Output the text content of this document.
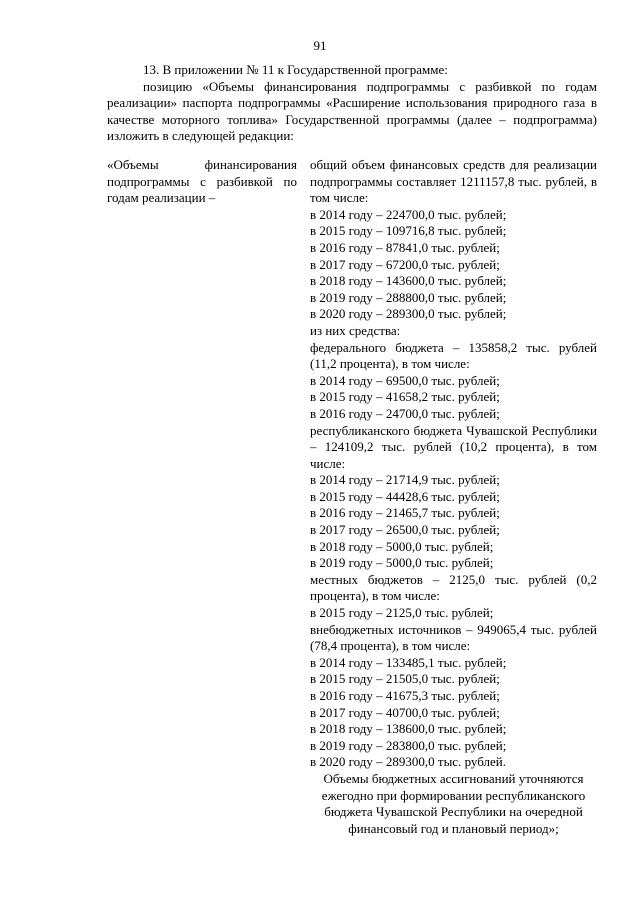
91

13. В приложении № 11 к Государственной программе:

позицию «Объемы финансирования подпрограммы с разбивкой по годам реализации» паспорта подпрограммы «Расширение использования природного газа в качестве моторного топлива» Государственной программы (далее – подпрограмма) изложить в следующей редакции:

«Объемы финансирования подпрограммы с разбивкой по годам реализации –
общий объем финансовых средств для реализации подпрограммы составляет 1211157,8 тыс. рублей, в том числе:
в 2014 году – 224700,0 тыс. рублей;
в 2015 году – 109716,8 тыс. рублей;
в 2016 году – 87841,0 тыс. рублей;
в 2017 году – 67200,0 тыс. рублей;
в 2018 году – 143600,0 тыс. рублей;
в 2019 году – 288800,0 тыс. рублей;
в 2020 году – 289300,0 тыс. рублей;
из них средства:
федерального бюджета – 135858,2 тыс. рублей (11,2 процента), в том числе:
в 2014 году – 69500,0 тыс. рублей;
в 2015 году – 41658,2 тыс. рублей;
в 2016 году – 24700,0 тыс. рублей;
республиканского бюджета Чувашской Республики – 124109,2 тыс. рублей (10,2 процента), в том числе:
в 2014 году – 21714,9 тыс. рублей;
в 2015 году – 44428,6 тыс. рублей;
в 2016 году – 21465,7 тыс. рублей;
в 2017 году – 26500,0 тыс. рублей;
в 2018 году – 5000,0 тыс. рублей;
в 2019 году – 5000,0 тыс. рублей;
местных бюджетов – 2125,0 тыс. рублей (0,2 процента), в том числе:
в 2015 году – 2125,0 тыс. рублей;
внебюджетных источников – 949065,4 тыс. рублей (78,4 процента), в том числе:
в 2014 году – 133485,1 тыс. рублей;
в 2015 году – 21505,0 тыс. рублей;
в 2016 году – 41675,3 тыс. рублей;
в 2017 году – 40700,0 тыс. рублей;
в 2018 году – 138600,0 тыс. рублей;
в 2019 году – 283800,0 тыс. рублей;
в 2020 году – 289300,0 тыс. рублей.
Объемы бюджетных ассигнований уточняются ежегодно при формировании республиканского бюджета Чувашской Республики на очередной финансовый год и плановый период»;
